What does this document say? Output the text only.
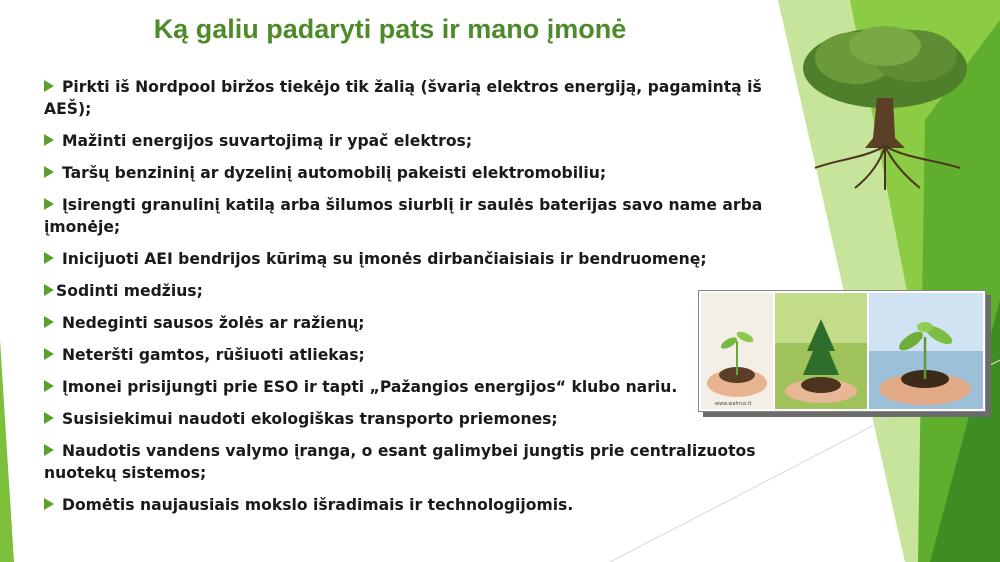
Ką galiu padaryti pats ir mano įmonė
Pirkti iš Nordpool biržos tiekėjo tik žalią (švarią elektros energiją, pagamintą iš AEŠ);
Mažinti energijos suvartojimą ir ypač elektros;
Taršų benzininį ar dyzelinį automobilį pakeisti elektromobiliu;
Įsirengti granulinį katilą arba šilumos siurblį ir saulės baterijas savo name arba įmonėje;
Inicijuoti AEI bendrijos kūrimą su įmonės dirbančiaisiais ir bendruomenę;
Sodinti medžius;
Nedeginti sausos žolės ar ražienų;
Neteršti gamtos, rūšiuoti atliekas;
Įmonei prisijungti prie ESO ir tapti „Pažangios energijos“ klubo nariu.
Susisiekimui naudoti ekologiškas transporto priemones;
Naudotis vandens valymo įranga, o esant galimybei jungtis prie centralizuotos nuotekų sistemos;
Domėtis naujausiais mokslo išradimais ir technologijomis.
www.wahrus.lt
